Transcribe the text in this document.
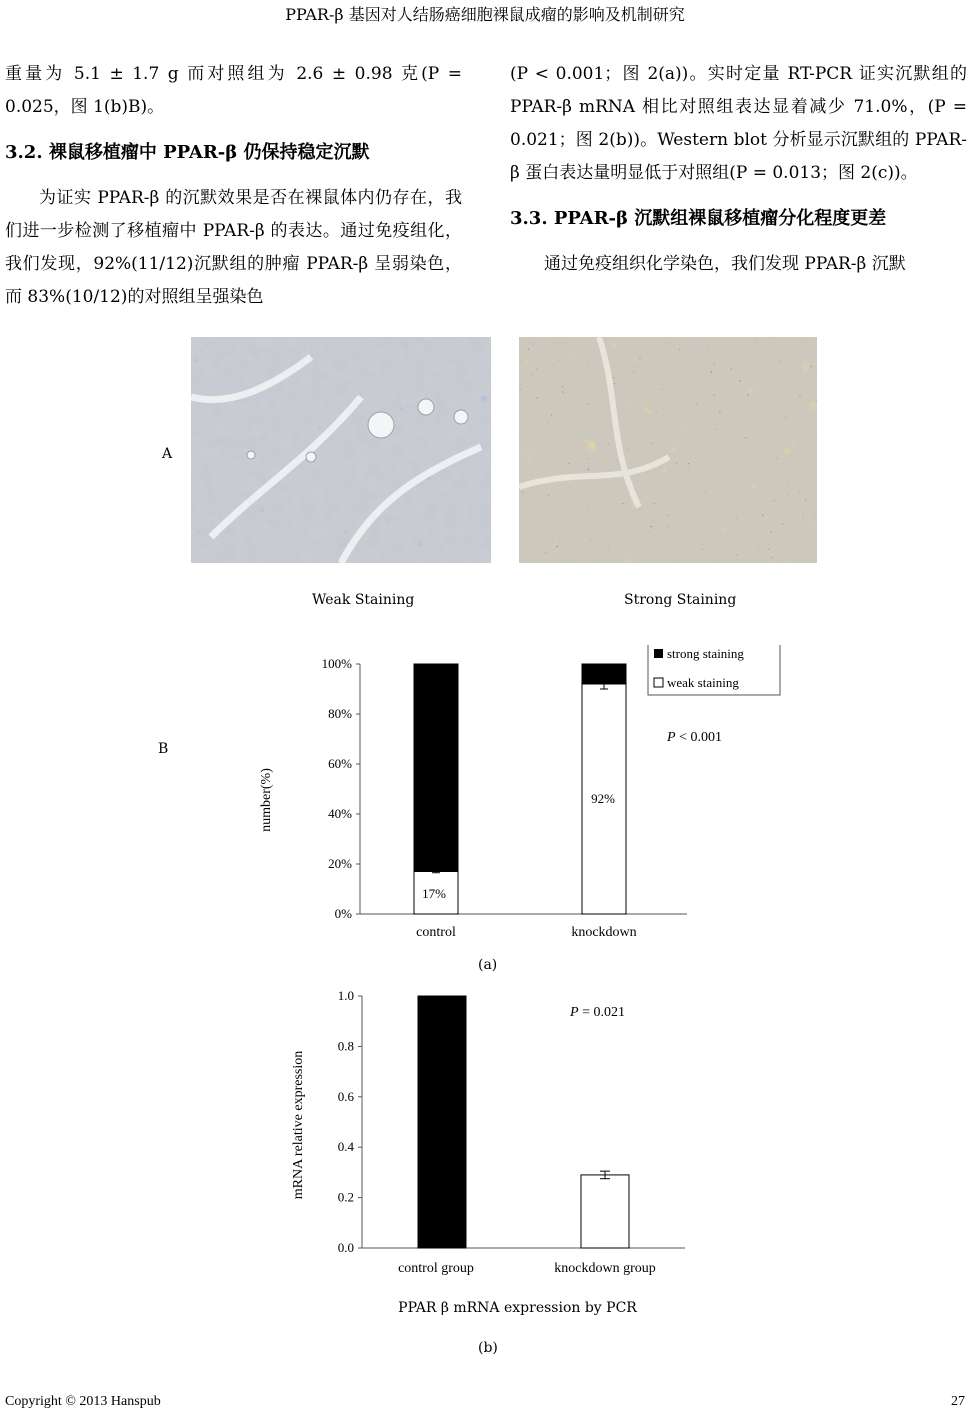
PPAR-β 基因对人结肠癌细胞裸鼠成瘤的影响及机制研究

重量为 5.1 ± 1.7 g 而对照组为 2.6 ± 0.98 克(P = 0.025，图 1(b)B)。

3.2. 裸鼠移植瘤中 PPAR-β 仍保持稳定沉默

为证实 PPAR-β 的沉默效果是否在裸鼠体内仍存在，我们进一步检测了移植瘤中 PPAR-β 的表达。通过免疫组化，我们发现，92%(11/12)沉默组的肿瘤 PPAR-β 呈弱染色，而 83%(10/12)的对照组呈强染色

(P < 0.001；图 2(a))。实时定量 RT-PCR 证实沉默组的 PPAR-β mRNA 相比对照组表达显着减少 71.0%，(P = 0.021；图 2(b))。Western blot 分析显示沉默组的 PPAR-β 蛋白表达量明显低于对照组(P = 0.013；图 2(c))。

3.3. PPAR-β 沉默组裸鼠移植瘤分化程度更差

通过免疫组织化学染色，我们发现 PPAR-β 沉默

A
Weak Staining	Strong Staining
B
number(%)
0%
20%
40%
60%
80%
100%
control	knockdown
strong staining
weak staining
P < 0.001
17%
92%
(a)
mRNA relative expression
0.0
0.2
0.4
0.6
0.8
1.0
control group	knockdown group
P = 0.021
PPAR β mRNA expression by PCR
(b)
Copyright © 2013 Hanspub	27
